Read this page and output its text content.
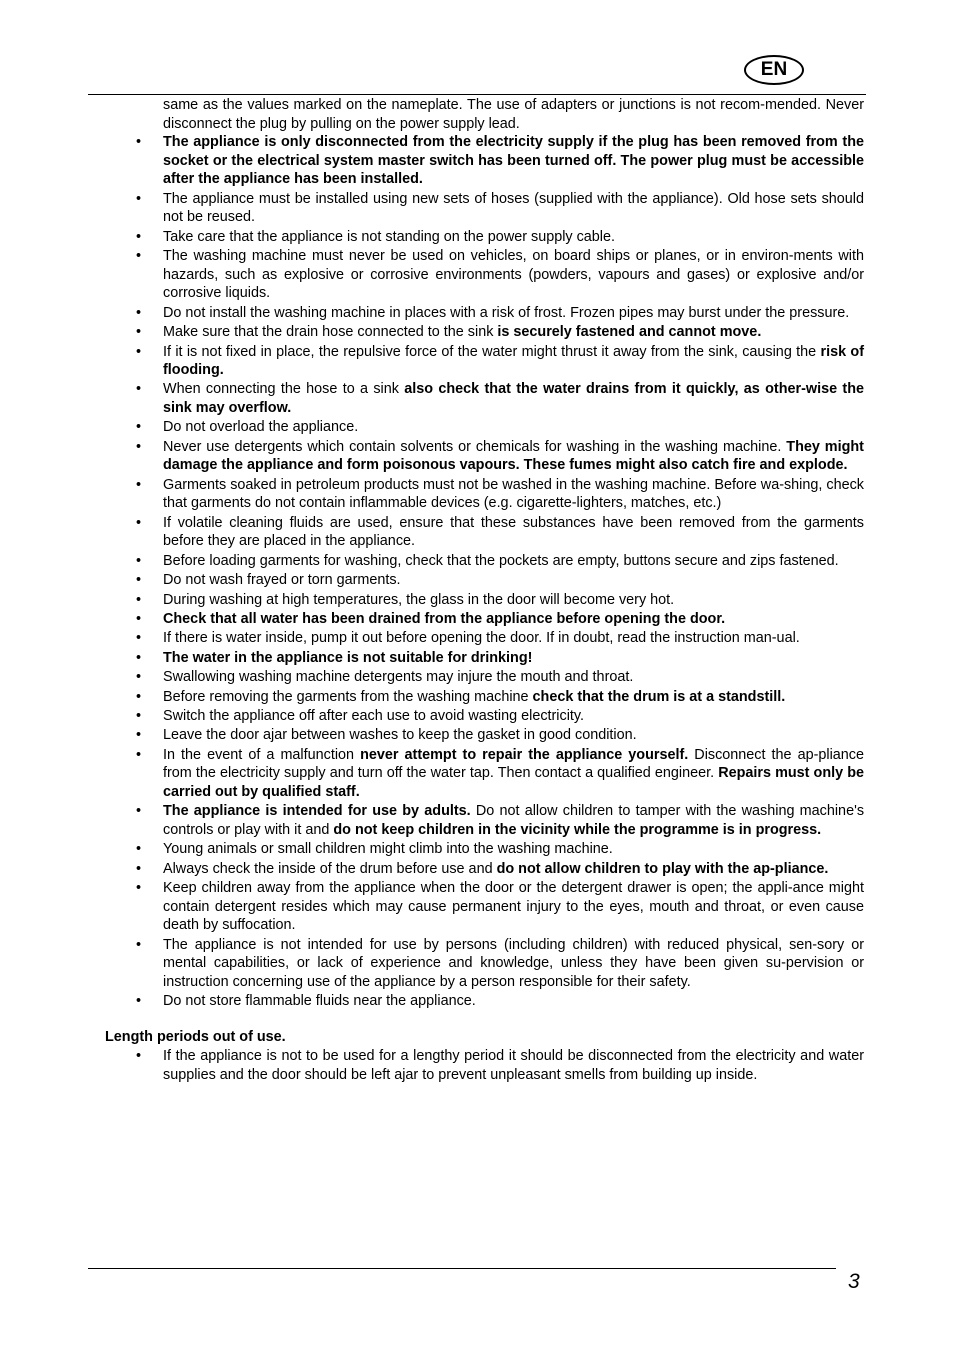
EN

same as the values marked on the nameplate. The use of adapters or junctions is not recom-mended. Never disconnect the plug by pulling on the power supply lead.

• The appliance is only disconnected from the electricity supply if the plug has been removed from the socket or the electrical system master switch has been turned off. The power plug must be accessible after the appliance has been installed.
• The appliance must be installed using new sets of hoses (supplied with the appliance). Old hose sets should not be reused.
• Take care that the appliance is not standing on the power supply cable.
• The washing machine must never be used on vehicles, on board ships or planes, or in environ-ments with hazards, such as explosive or corrosive environments (powders, vapours and gases) or explosive and/or corrosive liquids.
• Do not install the washing machine in places with a risk of frost. Frozen pipes may burst under the pressure.
• Make sure that the drain hose connected to the sink is securely fastened and cannot move.
• If it is not fixed in place, the repulsive force of the water might thrust it away from the sink, causing the risk of flooding.
• When connecting the hose to a sink also check that the water drains from it quickly, as other-wise the sink may overflow.
• Do not overload the appliance.
• Never use detergents which contain solvents or chemicals for washing in the washing machine. They might damage the appliance and form poisonous vapours. These fumes might also catch fire and explode.
• Garments soaked in petroleum products must not be washed in the washing machine. Before wa-shing, check that garments do not contain inflammable devices (e.g. cigarette-lighters, matches, etc.)
• If volatile cleaning fluids are used, ensure that these substances have been removed from the garments before they are placed in the appliance.
• Before loading garments for washing, check that the pockets are empty, buttons secure and zips fastened.
• Do not wash frayed or torn garments.
• During washing at high temperatures, the glass in the door will become very hot.
• Check that all water has been drained from the appliance before opening the door.
• If there is water inside, pump it out before opening the door. If in doubt, read the instruction man-ual.
• The water in the appliance is not suitable for drinking!
• Swallowing washing machine detergents may injure the mouth and throat.
• Before removing the garments from the washing machine check that the drum is at a standstill.
• Switch the appliance off after each use to avoid wasting electricity.
• Leave the door ajar between washes to keep the gasket in good condition.
• In the event of a malfunction never attempt to repair the appliance yourself. Disconnect the ap-pliance from the electricity supply and turn off the water tap. Then contact a qualified engineer. Repairs must only be carried out by qualified staff.
• The appliance is intended for use by adults. Do not allow children to tamper with the washing machine's controls or play with it and do not keep children in the vicinity while the programme is in progress.
• Young animals or small children might climb into the washing machine.
• Always check the inside of the drum before use and do not allow children to play with the ap-pliance.
• Keep children away from the appliance when the door or the detergent drawer is open; the appli-ance might contain detergent resides which may cause permanent injury to the eyes, mouth and throat, or even cause death by suffocation.
• The appliance is not intended for use by persons (including children) with reduced physical, sen-sory or mental capabilities, or lack of experience and knowledge, unless they have been given su-pervision or instruction concerning use of the appliance by a person responsible for their safety.
• Do not store flammable fluids near the appliance.

Length periods out of use.

• If the appliance is not to be used for a lengthy period it should be disconnected from the electricity and water supplies and the door should be left ajar to prevent unpleasant smells from building up inside.
3
